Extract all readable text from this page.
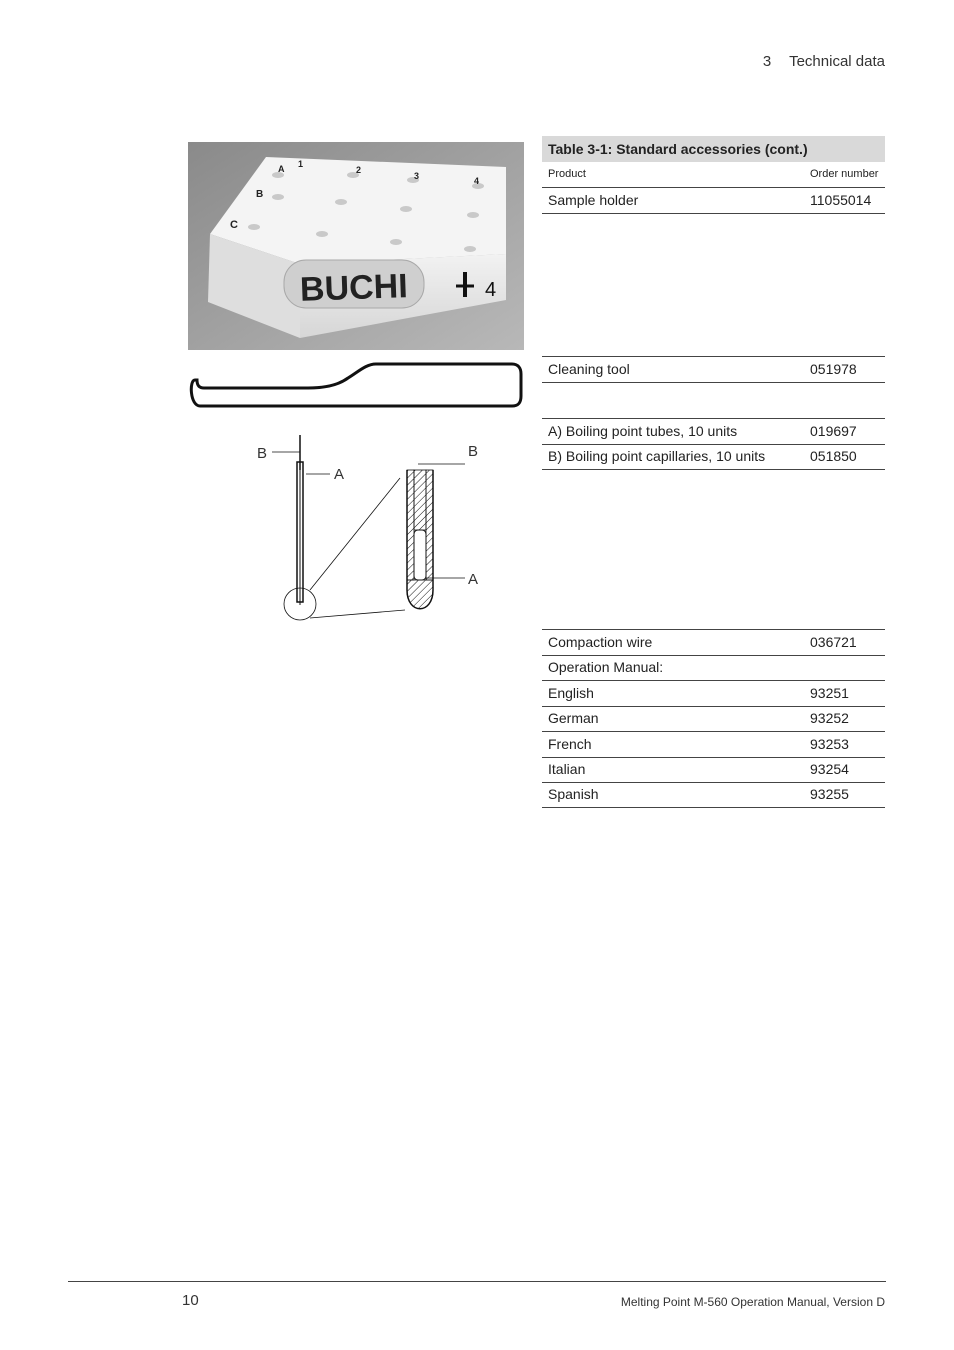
3 Technical data
A
B
C
1
2
3	4
BUCHI	4
B
A
B
A
Table 3-1: Standard accessories (cont.)
Product	Order number
Sample holder	11055014
Cleaning tool	051978
A) Boiling point tubes, 10 units	019697
B) Boiling point capillaries, 10 units	051850
Compaction wire	036721
Operation Manual:
English	93251
German	93252
French	93253
Italian	93254
Spanish	93255
10	Melting Point M-560 Operation Manual, Version D
